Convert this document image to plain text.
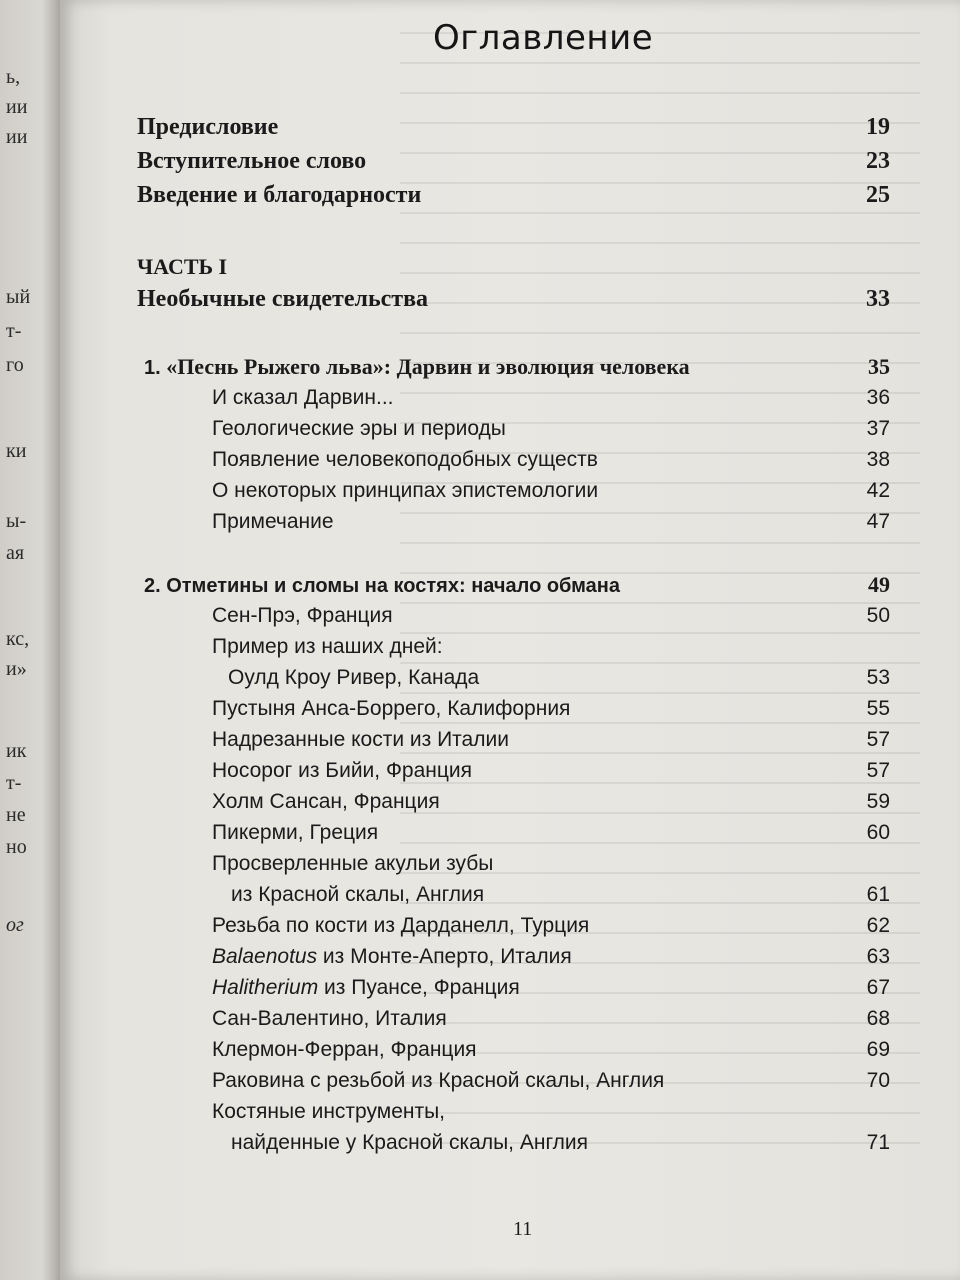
ь,
ии
ии
ый
т-
го
ки
ы-
ая
кс,
и»
ик
т-
не
но
ог
Оглавление
Предисловие	19
Вступительное слово	23
Введение и благодарности	25
ЧАСТЬ I
Необычные свидетельства	33
1. «Песнь Рыжего льва»: Дарвин и эволюция человека	35
И сказал Дарвин...	36
Геологические эры и периоды	37
Появление человекоподобных существ	38
О некоторых принципах эпистемологии	42
Примечание	47
2. Отметины и сломы на костях: начало обмана	49
Сен-Прэ, Франция	50
Пример из наших дней:
Оулд Кроу Ривер, Канада	53
Пустыня Анса-Боррего, Калифорния	55
Надрезанные кости из Италии	57
Носорог из Бийи, Франция	57
Холм Сансан, Франция	59
Пикерми, Греция	60
Просверленные акульи зубы
из Красной скалы, Англия	61
Резьба по кости из Дарданелл, Турция	62
Balaenotus из Монте-Аперто, Италия	63
Halitherium из Пуансе, Франция	67
Сан-Валентино, Италия	68
Клермон-Ферран, Франция	69
Раковина с резьбой из Красной скалы, Англия	70
Костяные инструменты,
найденные у Красной скалы, Англия	71
11
